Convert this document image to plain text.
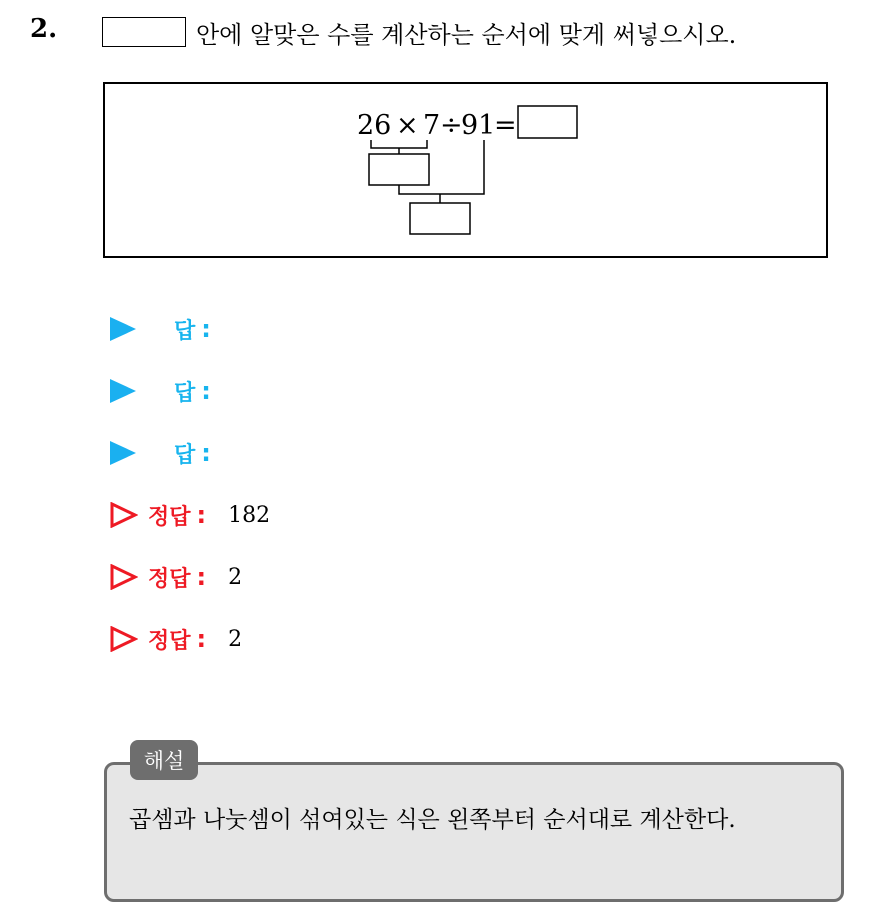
2.	안에 알맞은 수를 계산하는 순서에 맞게 써넣으시오.
26 × 7 ÷
91
=
답 :
답 :
답 :
정답 : 182
정답 : 2
정답 : 2
곱셈과 나눗셈이 섞여있는 식은 왼쪽부터 순서대로 계산한다.
해설
